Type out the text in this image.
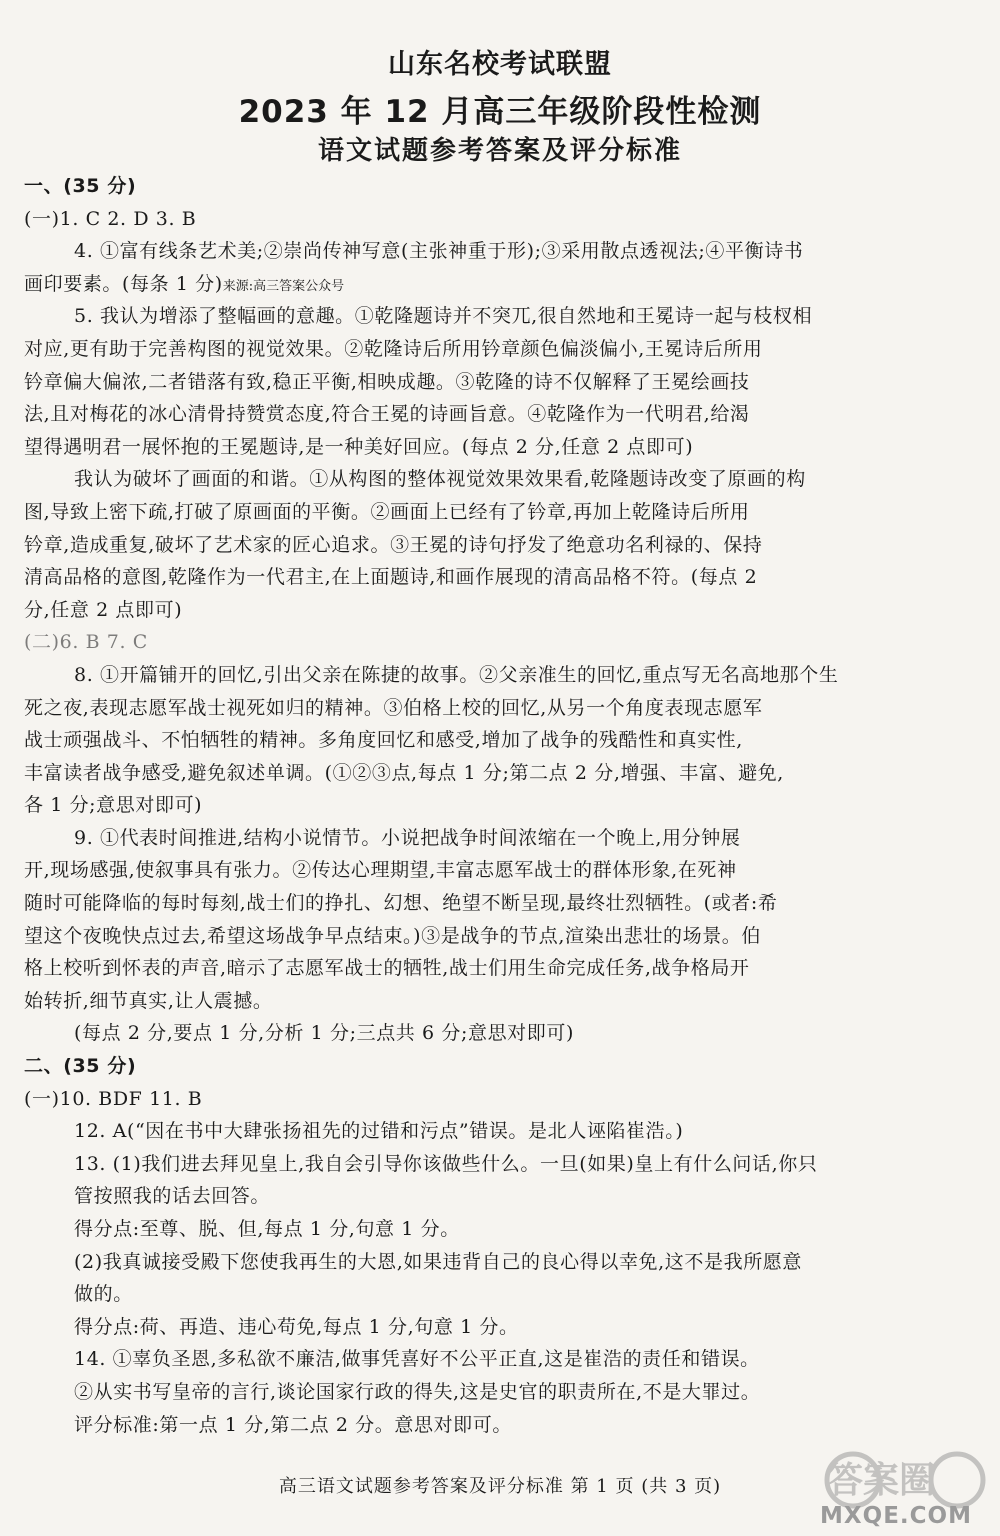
山东名校考试联盟
2023 年 12 月高三年级阶段性检测
语文试题参考答案及评分标准
一、(35 分)
(一)1. C 2. D 3. B
4. ①富有线条艺术美;②崇尚传神写意(主张神重于形);③采用散点透视法;④平衡诗书
画印要素。(每条 1 分)来源:高三答案公众号
5. 我认为增添了整幅画的意趣。①乾隆题诗并不突兀,很自然地和王冕诗一起与枝杈相
对应,更有助于完善构图的视觉效果。②乾隆诗后所用钤章颜色偏淡偏小,王冕诗后所用
钤章偏大偏浓,二者错落有致,稳正平衡,相映成趣。③乾隆的诗不仅解释了王冕绘画技
法,且对梅花的冰心清骨持赞赏态度,符合王冕的诗画旨意。④乾隆作为一代明君,给渴
望得遇明君一展怀抱的王冕题诗,是一种美好回应。(每点 2 分,任意 2 点即可)
我认为破坏了画面的和谐。①从构图的整体视觉效果效果看,乾隆题诗改变了原画的构
图,导致上密下疏,打破了原画面的平衡。②画面上已经有了钤章,再加上乾隆诗后所用
钤章,造成重复,破坏了艺术家的匠心追求。③王冕的诗句抒发了绝意功名利禄的、保持
清高品格的意图,乾隆作为一代君主,在上面题诗,和画作展现的清高品格不符。(每点 2
分,任意 2 点即可)
(二)6. B 7. C
8. ①开篇铺开的回忆,引出父亲在陈捷的故事。②父亲准生的回忆,重点写无名高地那个生
死之夜,表现志愿军战士视死如归的精神。③伯格上校的回忆,从另一个角度表现志愿军
战士顽强战斗、不怕牺牲的精神。多角度回忆和感受,增加了战争的残酷性和真实性,
丰富读者战争感受,避免叙述单调。(①②③点,每点 1 分;第二点 2 分,增强、丰富、避免,
各 1 分;意思对即可)
9. ①代表时间推进,结构小说情节。小说把战争时间浓缩在一个晚上,用分钟展
开,现场感强,使叙事具有张力。②传达心理期望,丰富志愿军战士的群体形象,在死神
随时可能降临的每时每刻,战士们的挣扎、幻想、绝望不断呈现,最终壮烈牺牲。(或者:希
望这个夜晚快点过去,希望这场战争早点结束。)③是战争的节点,渲染出悲壮的场景。伯
格上校听到怀表的声音,暗示了志愿军战士的牺牲,战士们用生命完成任务,战争格局开
始转折,细节真实,让人震撼。
(每点 2 分,要点 1 分,分析 1 分;三点共 6 分;意思对即可)
二、(35 分)
(一)10. BDF 11. B
12. A(“因在书中大肆张扬祖先的过错和污点”错误。是北人诬陷崔浩。)
13. (1)我们进去拜见皇上,我自会引导你该做些什么。一旦(如果)皇上有什么问话,你只
管按照我的话去回答。
得分点:至尊、脱、但,每点 1 分,句意 1 分。
(2)我真诚接受殿下您使我再生的大恩,如果违背自己的良心得以幸免,这不是我所愿意
做的。
得分点:荷、再造、违心苟免,每点 1 分,句意 1 分。
14. ①辜负圣恩,多私欲不廉洁,做事凭喜好不公平正直,这是崔浩的责任和错误。
②从实书写皇帝的言行,谈论国家行政的得失,这是史官的职责所在,不是大罪过。
评分标准:第一点 1 分,第二点 2 分。意思对即可。
高三语文试题参考答案及评分标准 第 1 页 (共 3 页)	答案圈
MXQE.COM
